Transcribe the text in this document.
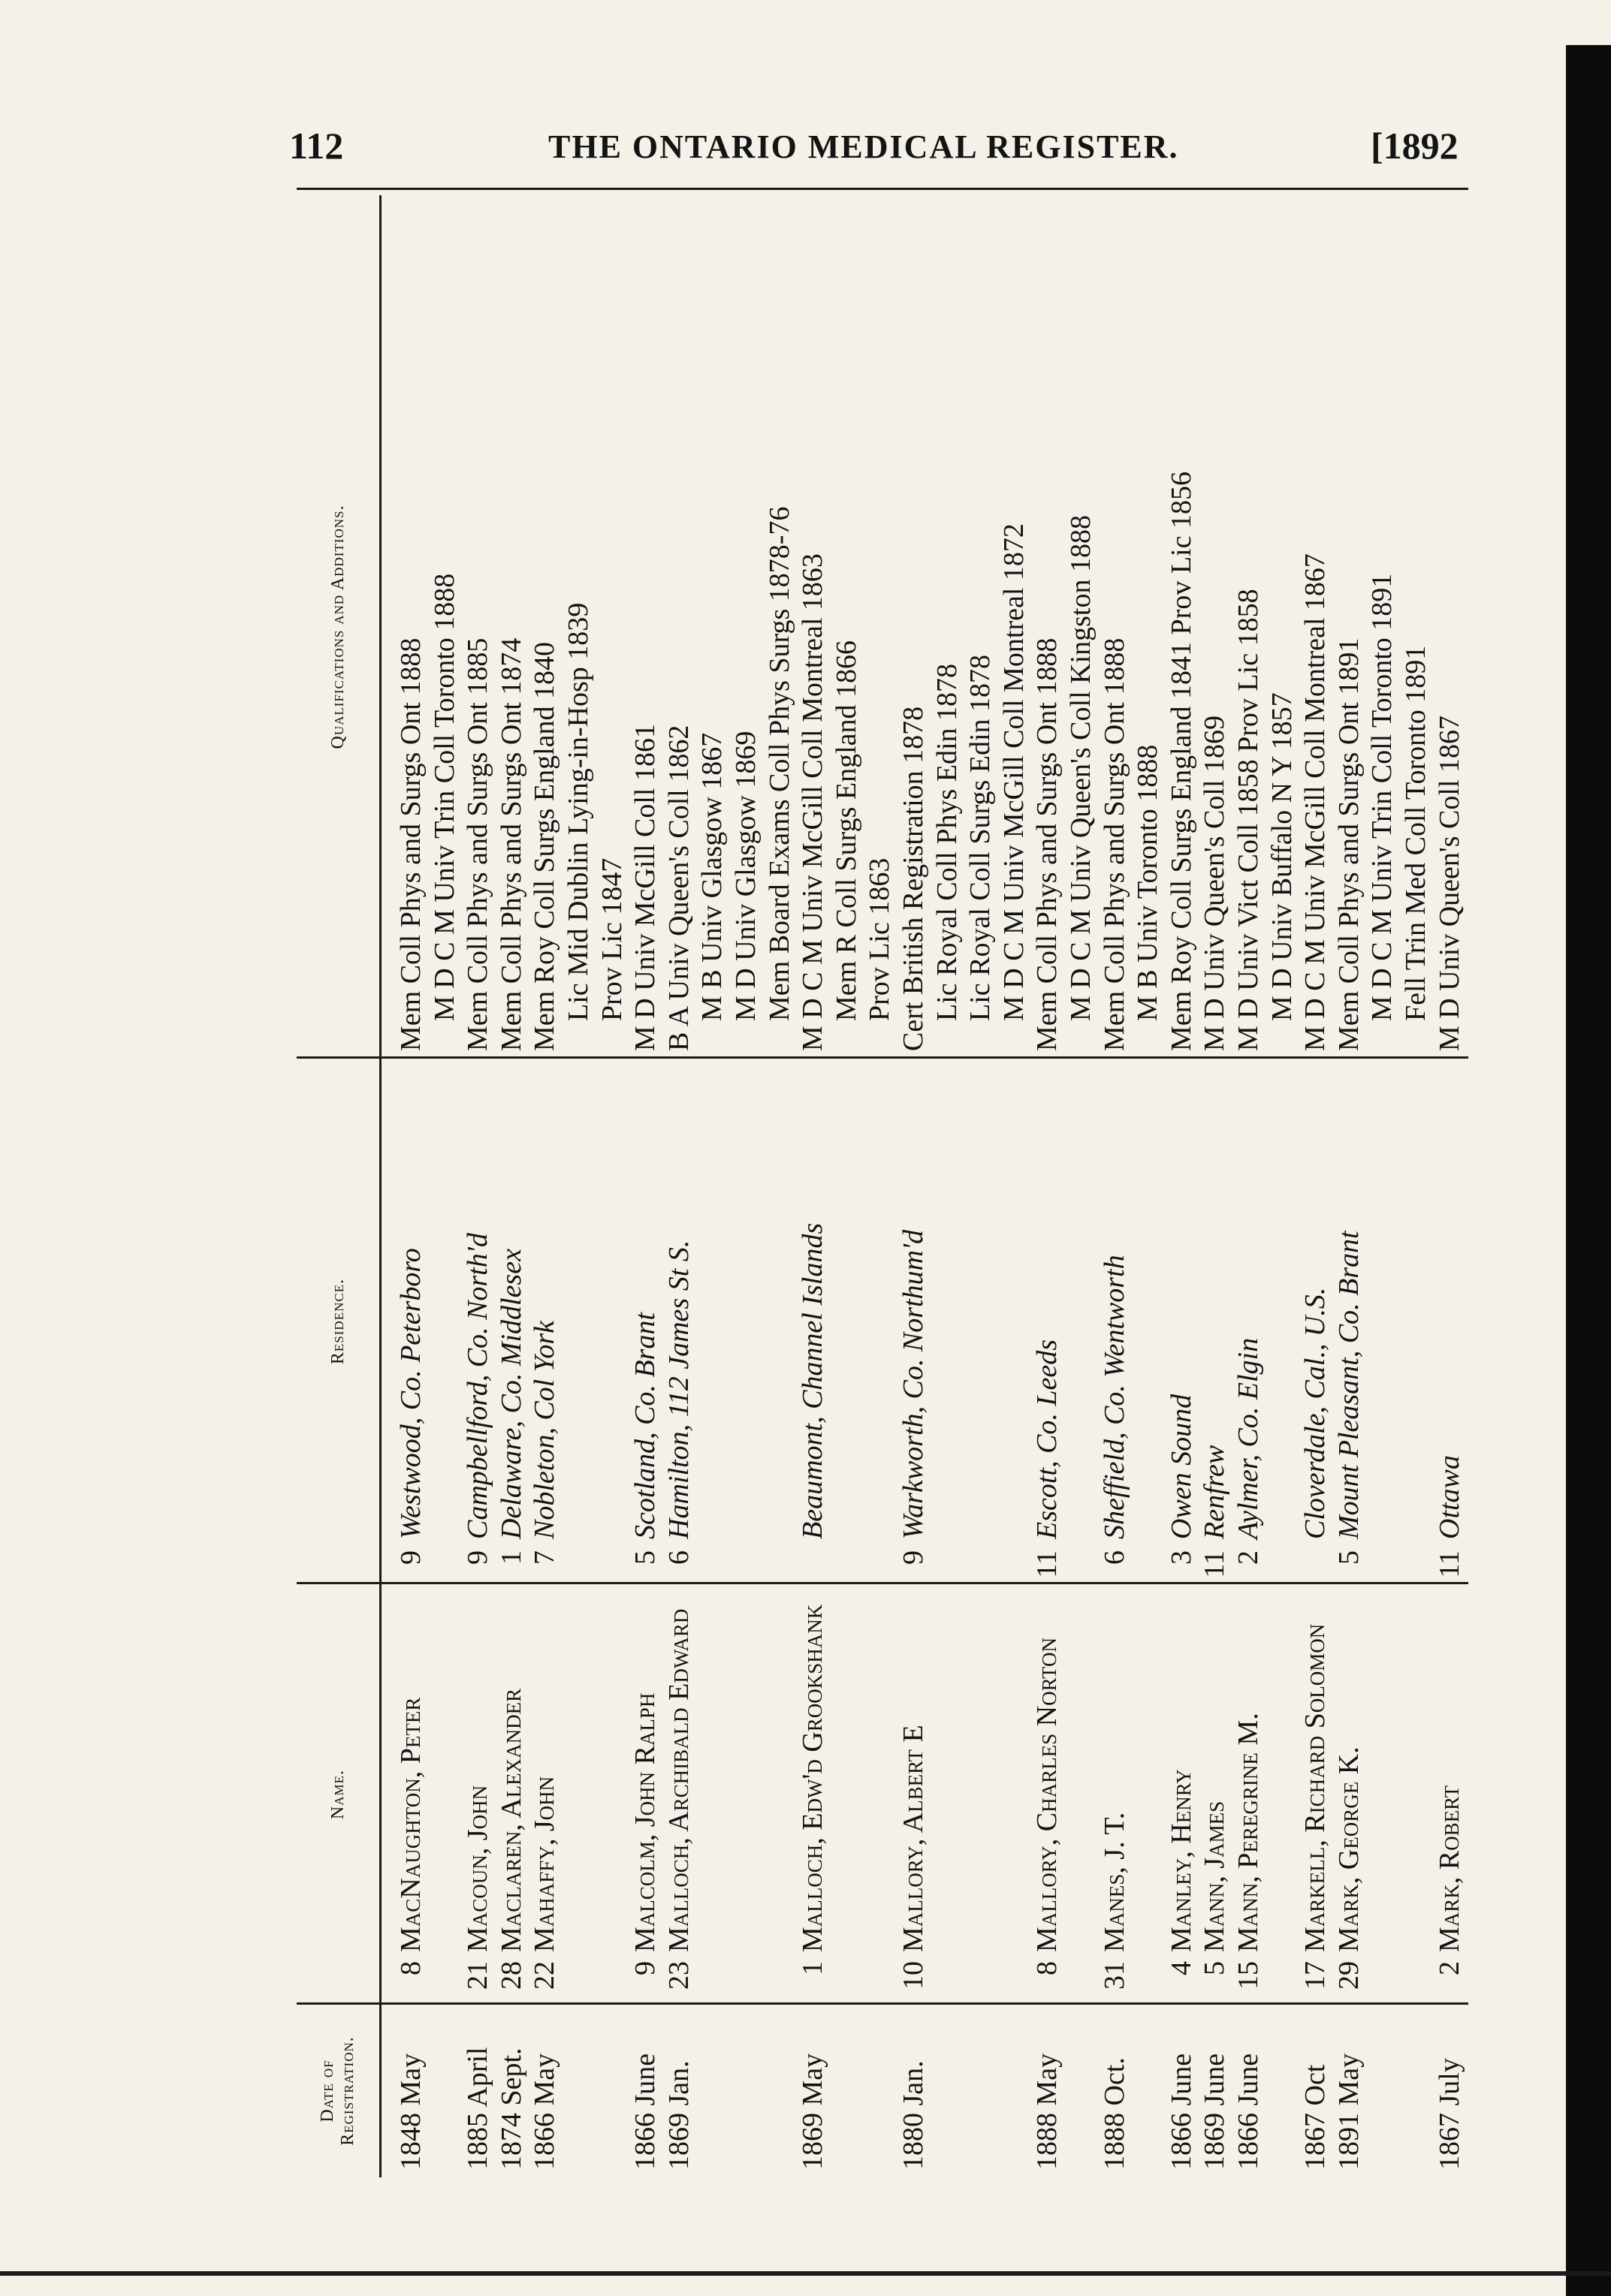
112	THE ONTARIO MEDICAL REGISTER.	[1892
Date of Registration.
Name.
Residence.
Qualifications and Additions.
1848 May
8
MacNaughton, Peter
9
Westwood, Co. Peterboro
Mem Coll Phys and Surgs Ont 1888 M D C M Univ Trin Coll Toronto 1888
1885 April
21
Macoun, John
9
Campbellford, Co. North'd
Mem Coll Phys and Surgs Ont 1885
1874 Sept.
28
Maclaren, Alexander
1
Delaware, Co. Middlesex
Mem Coll Phys and Surgs Ont 1874
1866 May
22
Mahaffy, John
7
Nobleton, Col York
Mem Roy Coll Surgs England 1840 Lic Mid Dublin Lying-in-Hosp 1839 Prov Lic 1847
1866 June
9
Malcolm, John Ralph
5
Scotland, Co. Brant
M D Univ McGill Coll 1861
1869 Jan.
23
Malloch, Archibald Edward
6
Hamilton, 112 James St S.
B A Univ Queen's Coll 1862 M B Univ Glasgow 1867 M D Univ Glasgow 1869 Mem Board Exams Coll Phys Surgs 1878-76
1869 May
1
Malloch, Edw'd Grookshank
Beaumont, Channel Islands
M D C M Univ McGill Coll Montreal 1863 Mem R Coll Surgs England 1866 Prov Lic 1863
1880 Jan.
10
Mallory, Albert E
9
Warkworth, Co. Northum'd
Cert British Registration 1878 Lic Royal Coll Phys Edin 1878 Lic Royal Coll Surgs Edin 1878 M D C M Univ McGill Coll Montreal 1872
1888 May
8
Mallory, Charles Norton
11
Escott, Co. Leeds
Mem Coll Phys and Surgs Ont 1888 M D C M Univ Queen's Coll Kingston 1888
1888 Oct.
31
Manes, J. T.
6
Sheffield, Co. Wentworth
Mem Coll Phys and Surgs Ont 1888 M B Univ Toronto 1888
1866 June
4
Manley, Henry
3
Owen Sound
Mem Roy Coll Surgs England 1841 Prov Lic 1856
1869 June
5
Mann, James
11
Renfrew
M D Univ Queen's Coll 1869
1866 June
15
Mann, Peregrine M.
2
Aylmer, Co. Elgin
M D Univ Vict Coll 1858 Prov Lic 1858 M D Univ Buffalo N Y 1857
1867 Oct
17
Markell, Richard Solomon
Cloverdale, Cal., U.S.
M D C M Univ McGill Coll Montreal 1867
1891 May
29
Mark, George K.
5
Mount Pleasant, Co. Brant
Mem Coll Phys and Surgs Ont 1891 M D C M Univ Trin Coll Toronto 1891 Fell Trin Med Coll Toronto 1891
1867 July
2
Mark, Robert
11
Ottawa
M D Univ Queen's Coll 1867
